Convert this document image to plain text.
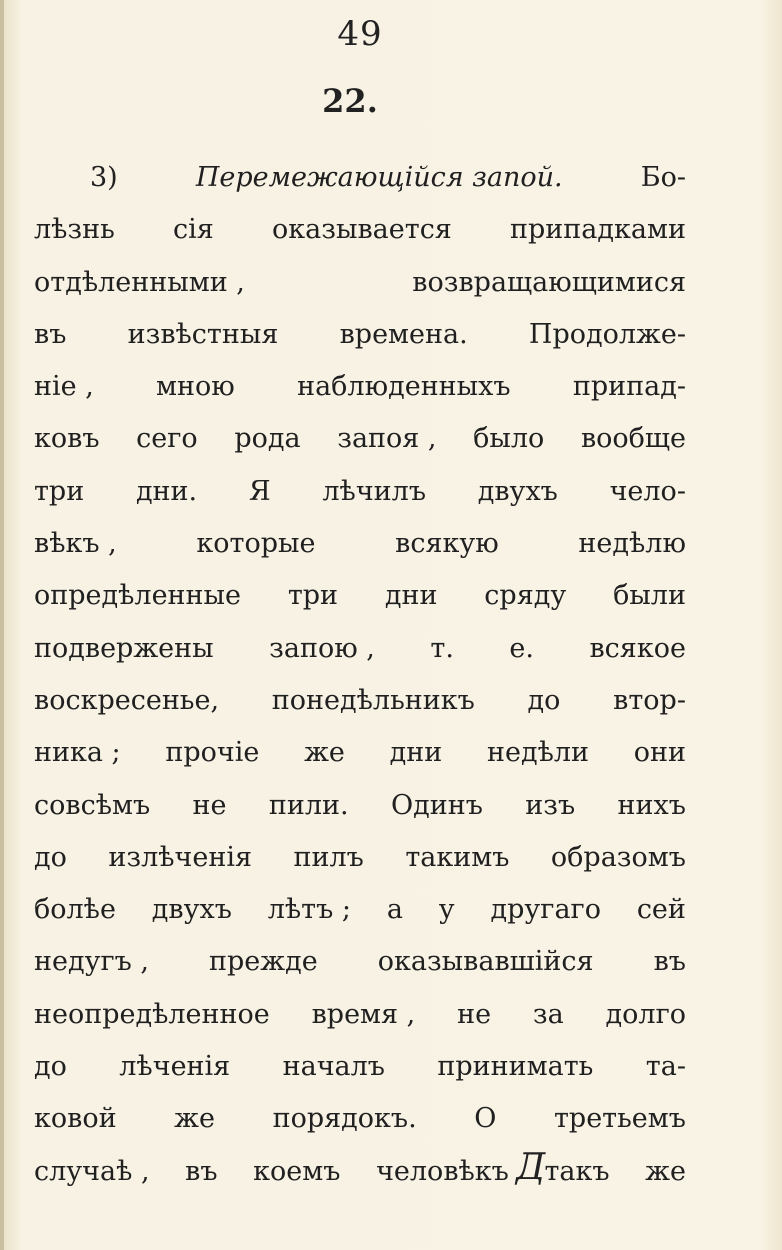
49
22.
3)	Перемежающійся запой.	Бо-
лѣзнь сія оказывается припадками
отдѣленными ,	возвращающимися
въ извѣстныя времена. Продолже-
ніе , мною наблюденныхъ припад-
ковъ сего рода запоя , было вообще
три дни. Я лѣчилъ двухъ чело-
вѣкъ ,	которые	всякую	недѣлю
опредѣленные три дни сряду были
подвержены запою , т. е. всякое
воскресенье, понедѣльникъ до втор-
ника ; прочіе же дни недѣли они
совсѣмъ не пили. Одинъ изъ нихъ
до излѣченія пилъ такимъ образомъ
болѣе двухъ лѣтъ ; а у другаго сей
недугъ , прежде оказывавшійся въ
неопредѣленное время , не за долго
до лѣченія началъ принимать та-
ковой же порядокъ. О третьемъ
случаѣ , въ коемъ человѣкъ такъ же
Д
